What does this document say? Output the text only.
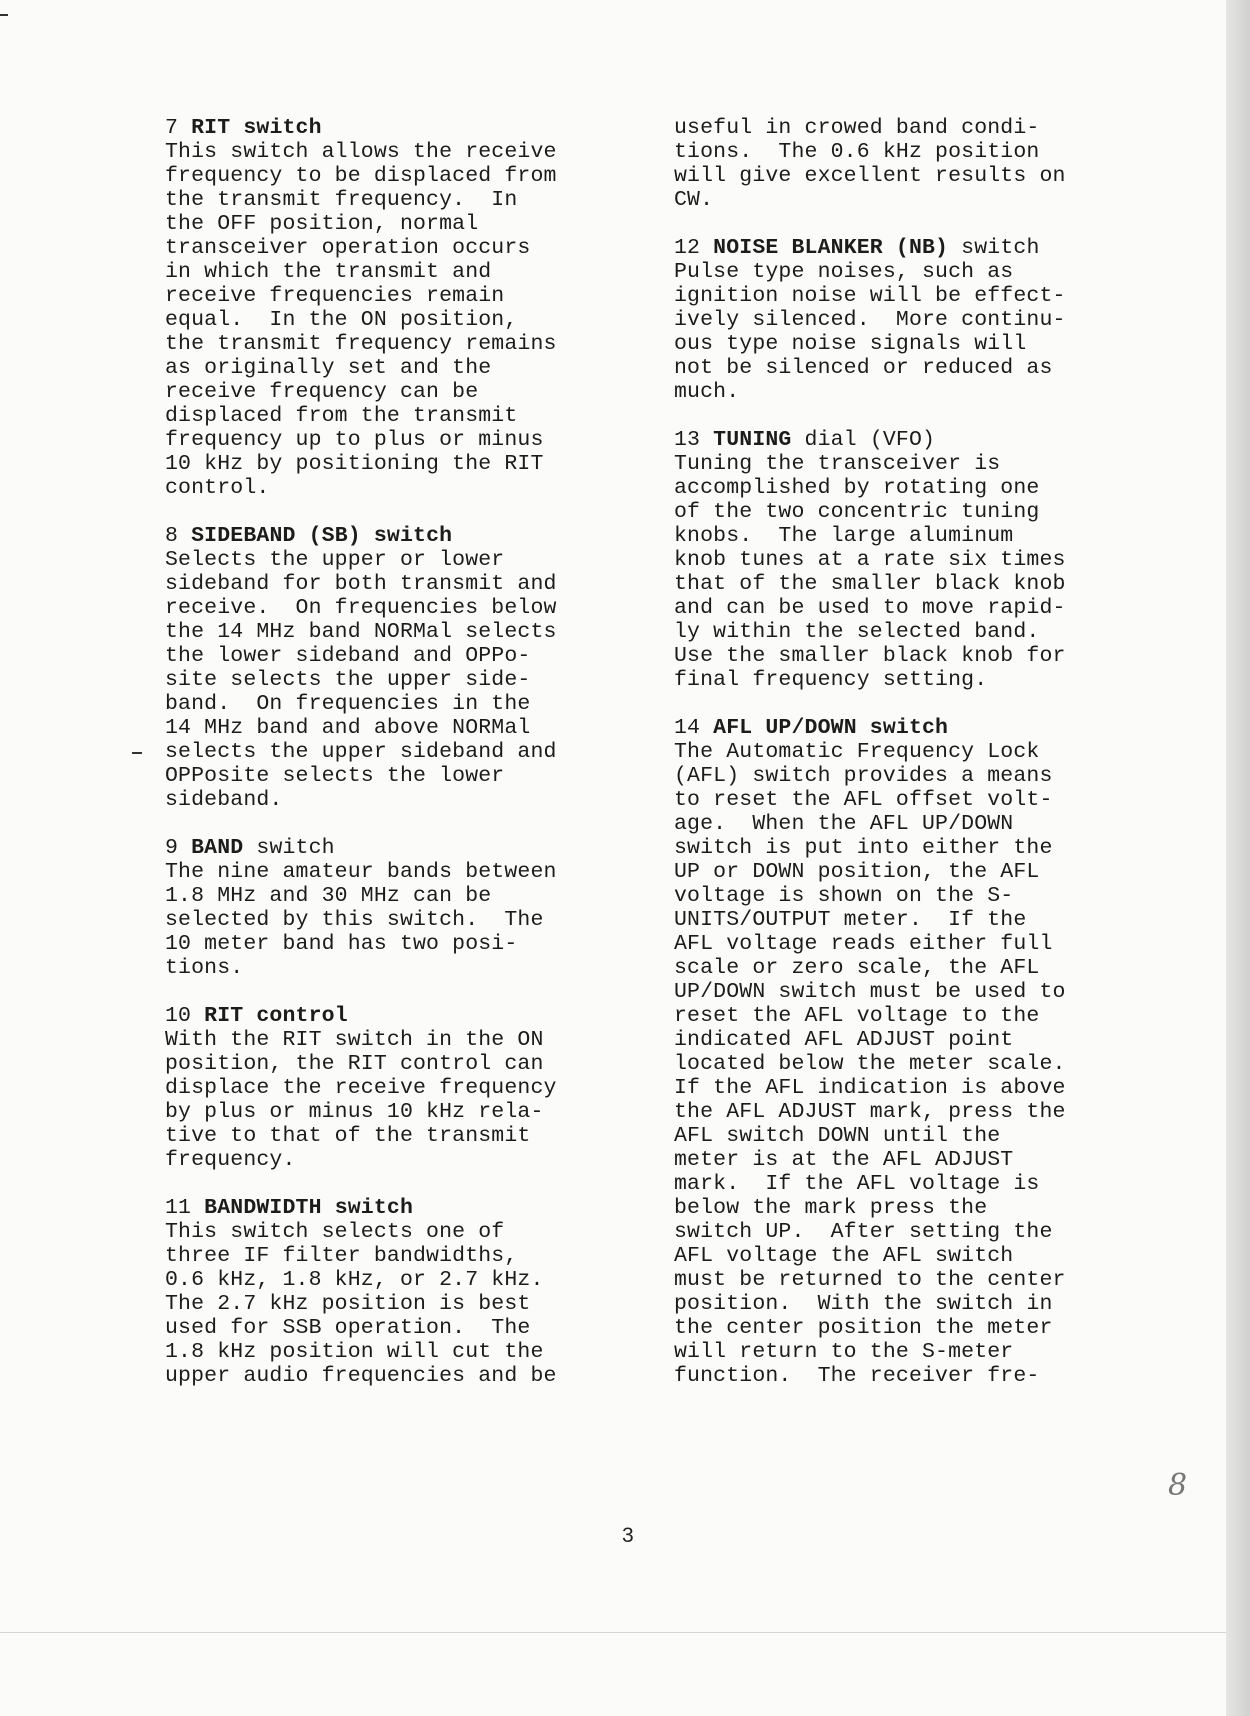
7 RIT switch
This switch allows the receive
frequency to be displaced from
the transmit frequency.  In
the OFF position, normal
transceiver operation occurs
in which the transmit and
receive frequencies remain
equal.  In the ON position,
the transmit frequency remains
as originally set and the
receive frequency can be
displaced from the transmit
frequency up to plus or minus
10 kHz by positioning the RIT
control.
8 SIDEBAND (SB) switch
Selects the upper or lower
sideband for both transmit and
receive.  On frequencies below
the 14 MHz band NORMal selects
the lower sideband and OPPo-
site selects the upper side-
band.  On frequencies in the
14 MHz band and above NORMal
selects the upper sideband and
OPPosite selects the lower
sideband.
9 BAND switch
The nine amateur bands between
1.8 MHz and 30 MHz can be
selected by this switch.  The
10 meter band has two posi-
tions.
10 RIT control
With the RIT switch in the ON
position, the RIT control can
displace the receive frequency
by plus or minus 10 kHz rela-
tive to that of the transmit
frequency.
11 BANDWIDTH switch
This switch selects one of
three IF filter bandwidths,
0.6 kHz, 1.8 kHz, or 2.7 kHz.
The 2.7 kHz position is best
used for SSB operation.  The
1.8 kHz position will cut the
upper audio frequencies and be
useful in crowed band condi-
tions.  The 0.6 kHz position
will give excellent results on
CW.
12 NOISE BLANKER (NB) switch
Pulse type noises, such as
ignition noise will be effect-
ively silenced.  More continu-
ous type noise signals will
not be silenced or reduced as
much.
13 TUNING dial (VFO)
Tuning the transceiver is
accomplished by rotating one
of the two concentric tuning
knobs.  The large aluminum
knob tunes at a rate six times
that of the smaller black knob
and can be used to move rapid-
ly within the selected band.
Use the smaller black knob for
final frequency setting.
14 AFL UP/DOWN switch
The Automatic Frequency Lock
(AFL) switch provides a means
to reset the AFL offset volt-
age.  When the AFL UP/DOWN
switch is put into either the
UP or DOWN position, the AFL
voltage is shown on the S-
UNITS/OUTPUT meter.  If the
AFL voltage reads either full
scale or zero scale, the AFL
UP/DOWN switch must be used to
reset the AFL voltage to the
indicated AFL ADJUST point
located below the meter scale.
If the AFL indication is above
the AFL ADJUST mark, press the
AFL switch DOWN until the
meter is at the AFL ADJUST
mark.  If the AFL voltage is
below the mark press the
switch UP.  After setting the
AFL voltage the AFL switch
must be returned to the center
position.  With the switch in
the center position the meter
will return to the S-meter
function.  The receiver fre-
3
8
